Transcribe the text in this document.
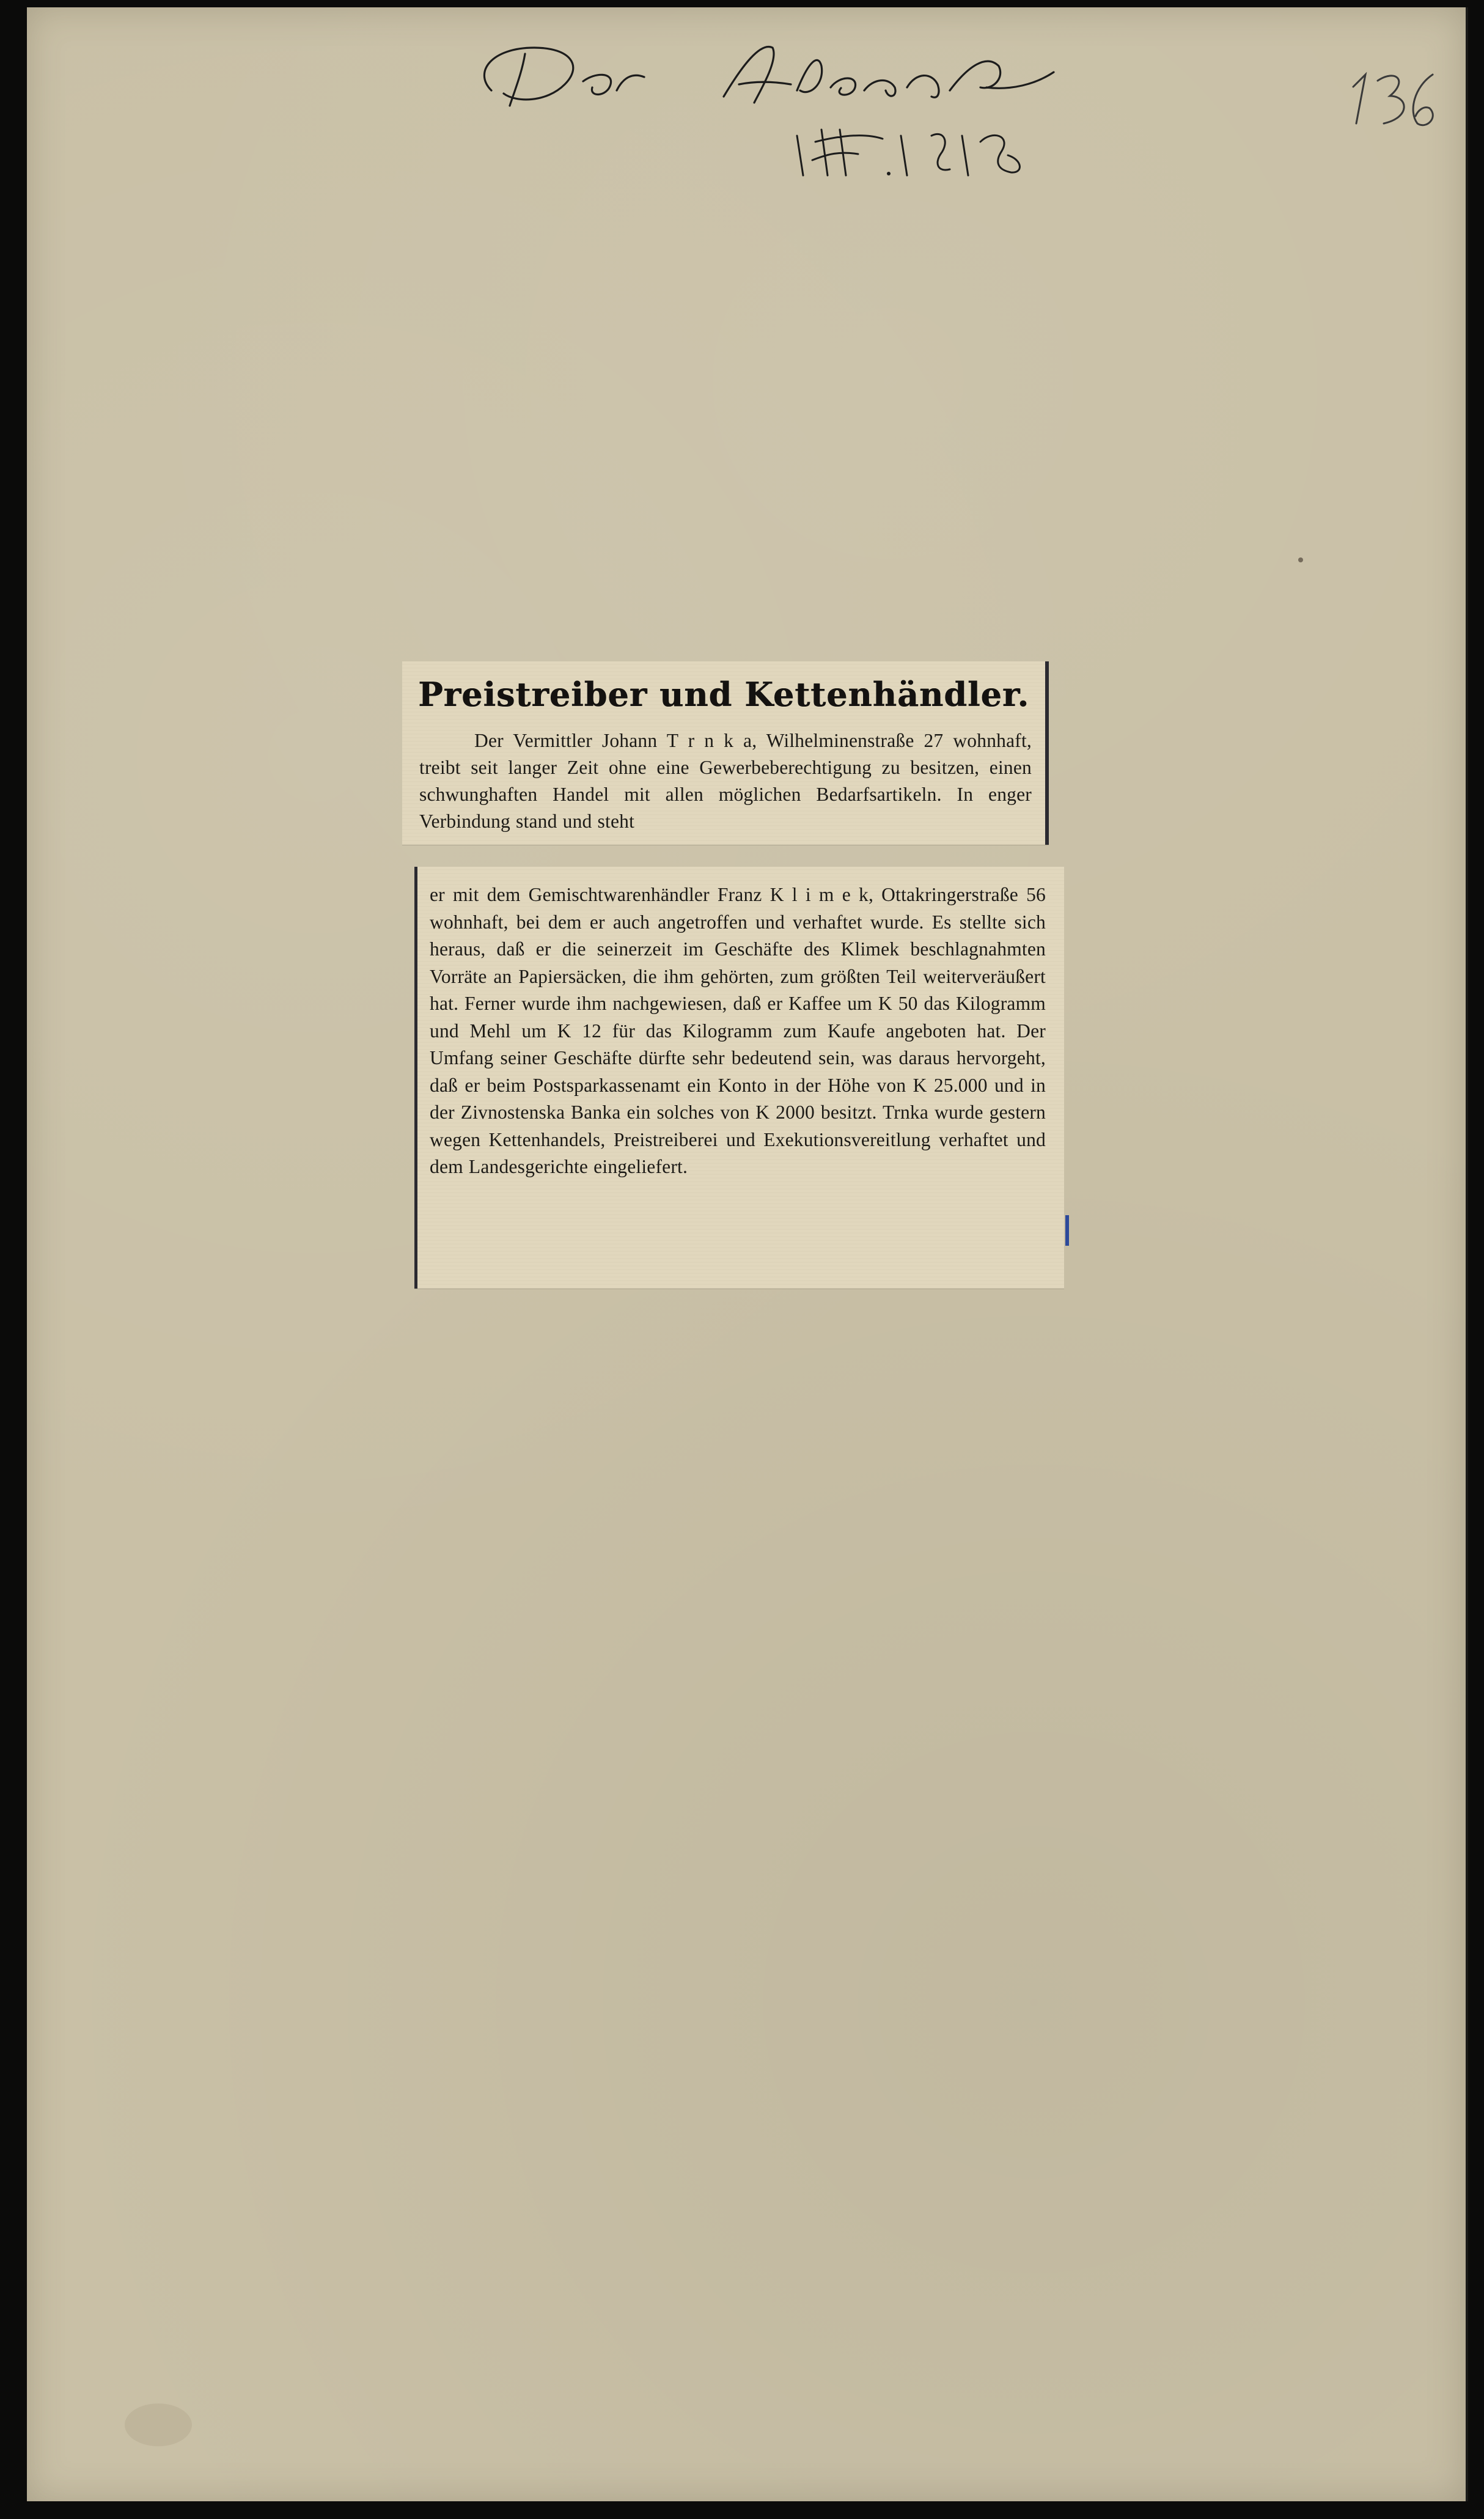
Preistreiber und Kettenhändler.
Der Vermittler Johann T r n k a, Wilhelminenstraße 27 wohnhaft, treibt seit langer Zeit ohne eine Gewerbeberechtigung zu besitzen, einen schwunghaften Handel mit allen möglichen Bedarfsartikeln. In enger Verbindung stand und steht
er mit dem Gemischtwarenhändler Franz K l i m e k, Ottakringerstraße 56 wohnhaft, bei dem er auch angetroffen und verhaftet wurde. Es stellte sich heraus, daß er die seinerzeit im Geschäfte des Klimek beschlagnahmten Vorräte an Papiersäcken, die ihm gehörten, zum größten Teil weiterveräußert hat. Ferner wurde ihm nachgewiesen, daß er Kaffee um K 50 das Kilogramm und Mehl um K 12 für das Kilogramm zum Kaufe angeboten hat. Der Umfang seiner Geschäfte dürfte sehr bedeutend sein, was daraus hervorgeht, daß er beim Postsparkassenamt ein Konto in der Höhe von K 25.000 und in der Zivnostenska Banka ein solches von K 2000 besitzt. Trnka wurde gestern wegen Kettenhandels, Preistreiberei und Exekutionsvereitlung verhaftet und dem Landesgerichte eingeliefert.
